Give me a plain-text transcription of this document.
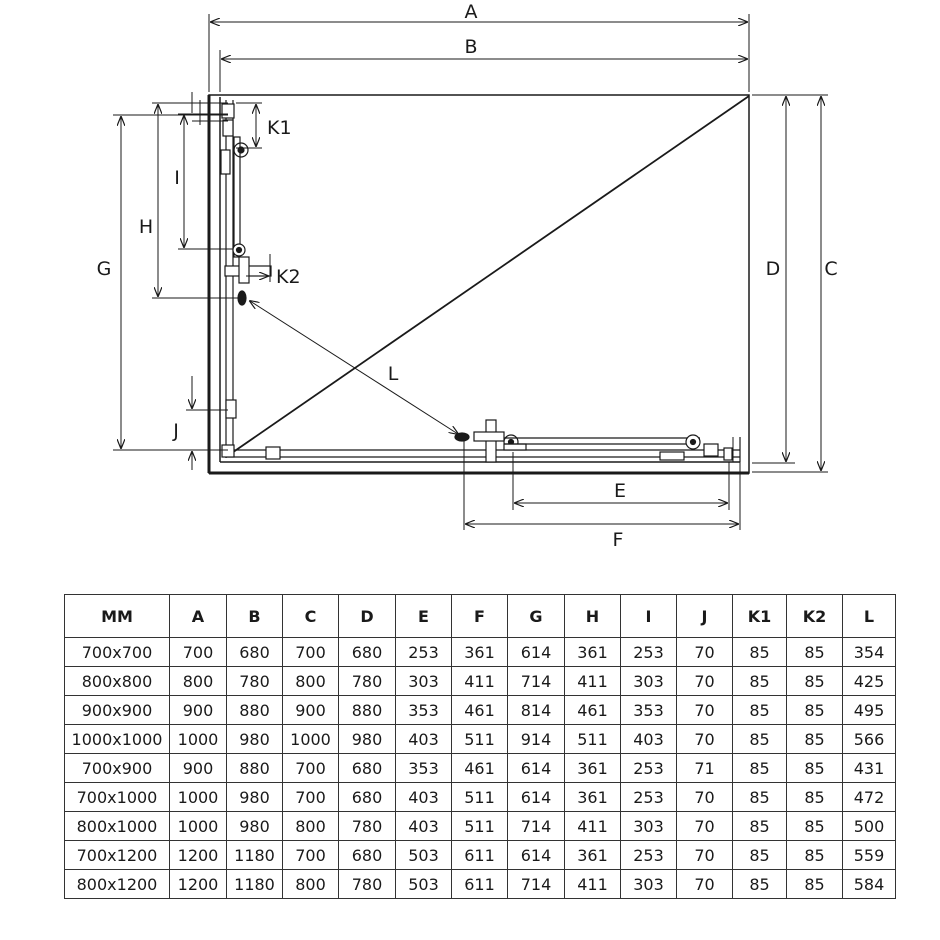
A
B
C
D
E
F
G
H
I
J
K1
K2
L
MM	A	B	C	D	E	F	G	H	I	J	K1	K2	L
700x700	700	680	700	680	253	361	614	361	253	70	85	85	354
800x800	800	780	800	780	303	411	714	411	303	70	85	85	425
900x900	900	880	900	880	353	461	814	461	353	70	85	85	495
1000x1000	1000	980	1000	980	403	511	914	511	403	70	85	85	566
700x900	900	880	700	680	353	461	614	361	253	71	85	85	431
700x1000	1000	980	700	680	403	511	614	361	253	70	85	85	472
800x1000	1000	980	800	780	403	511	714	411	303	70	85	85	500
700x1200	1200	1180	700	680	503	611	614	361	253	70	85	85	559
800x1200	1200	1180	800	780	503	611	714	411	303	70	85	85	584
